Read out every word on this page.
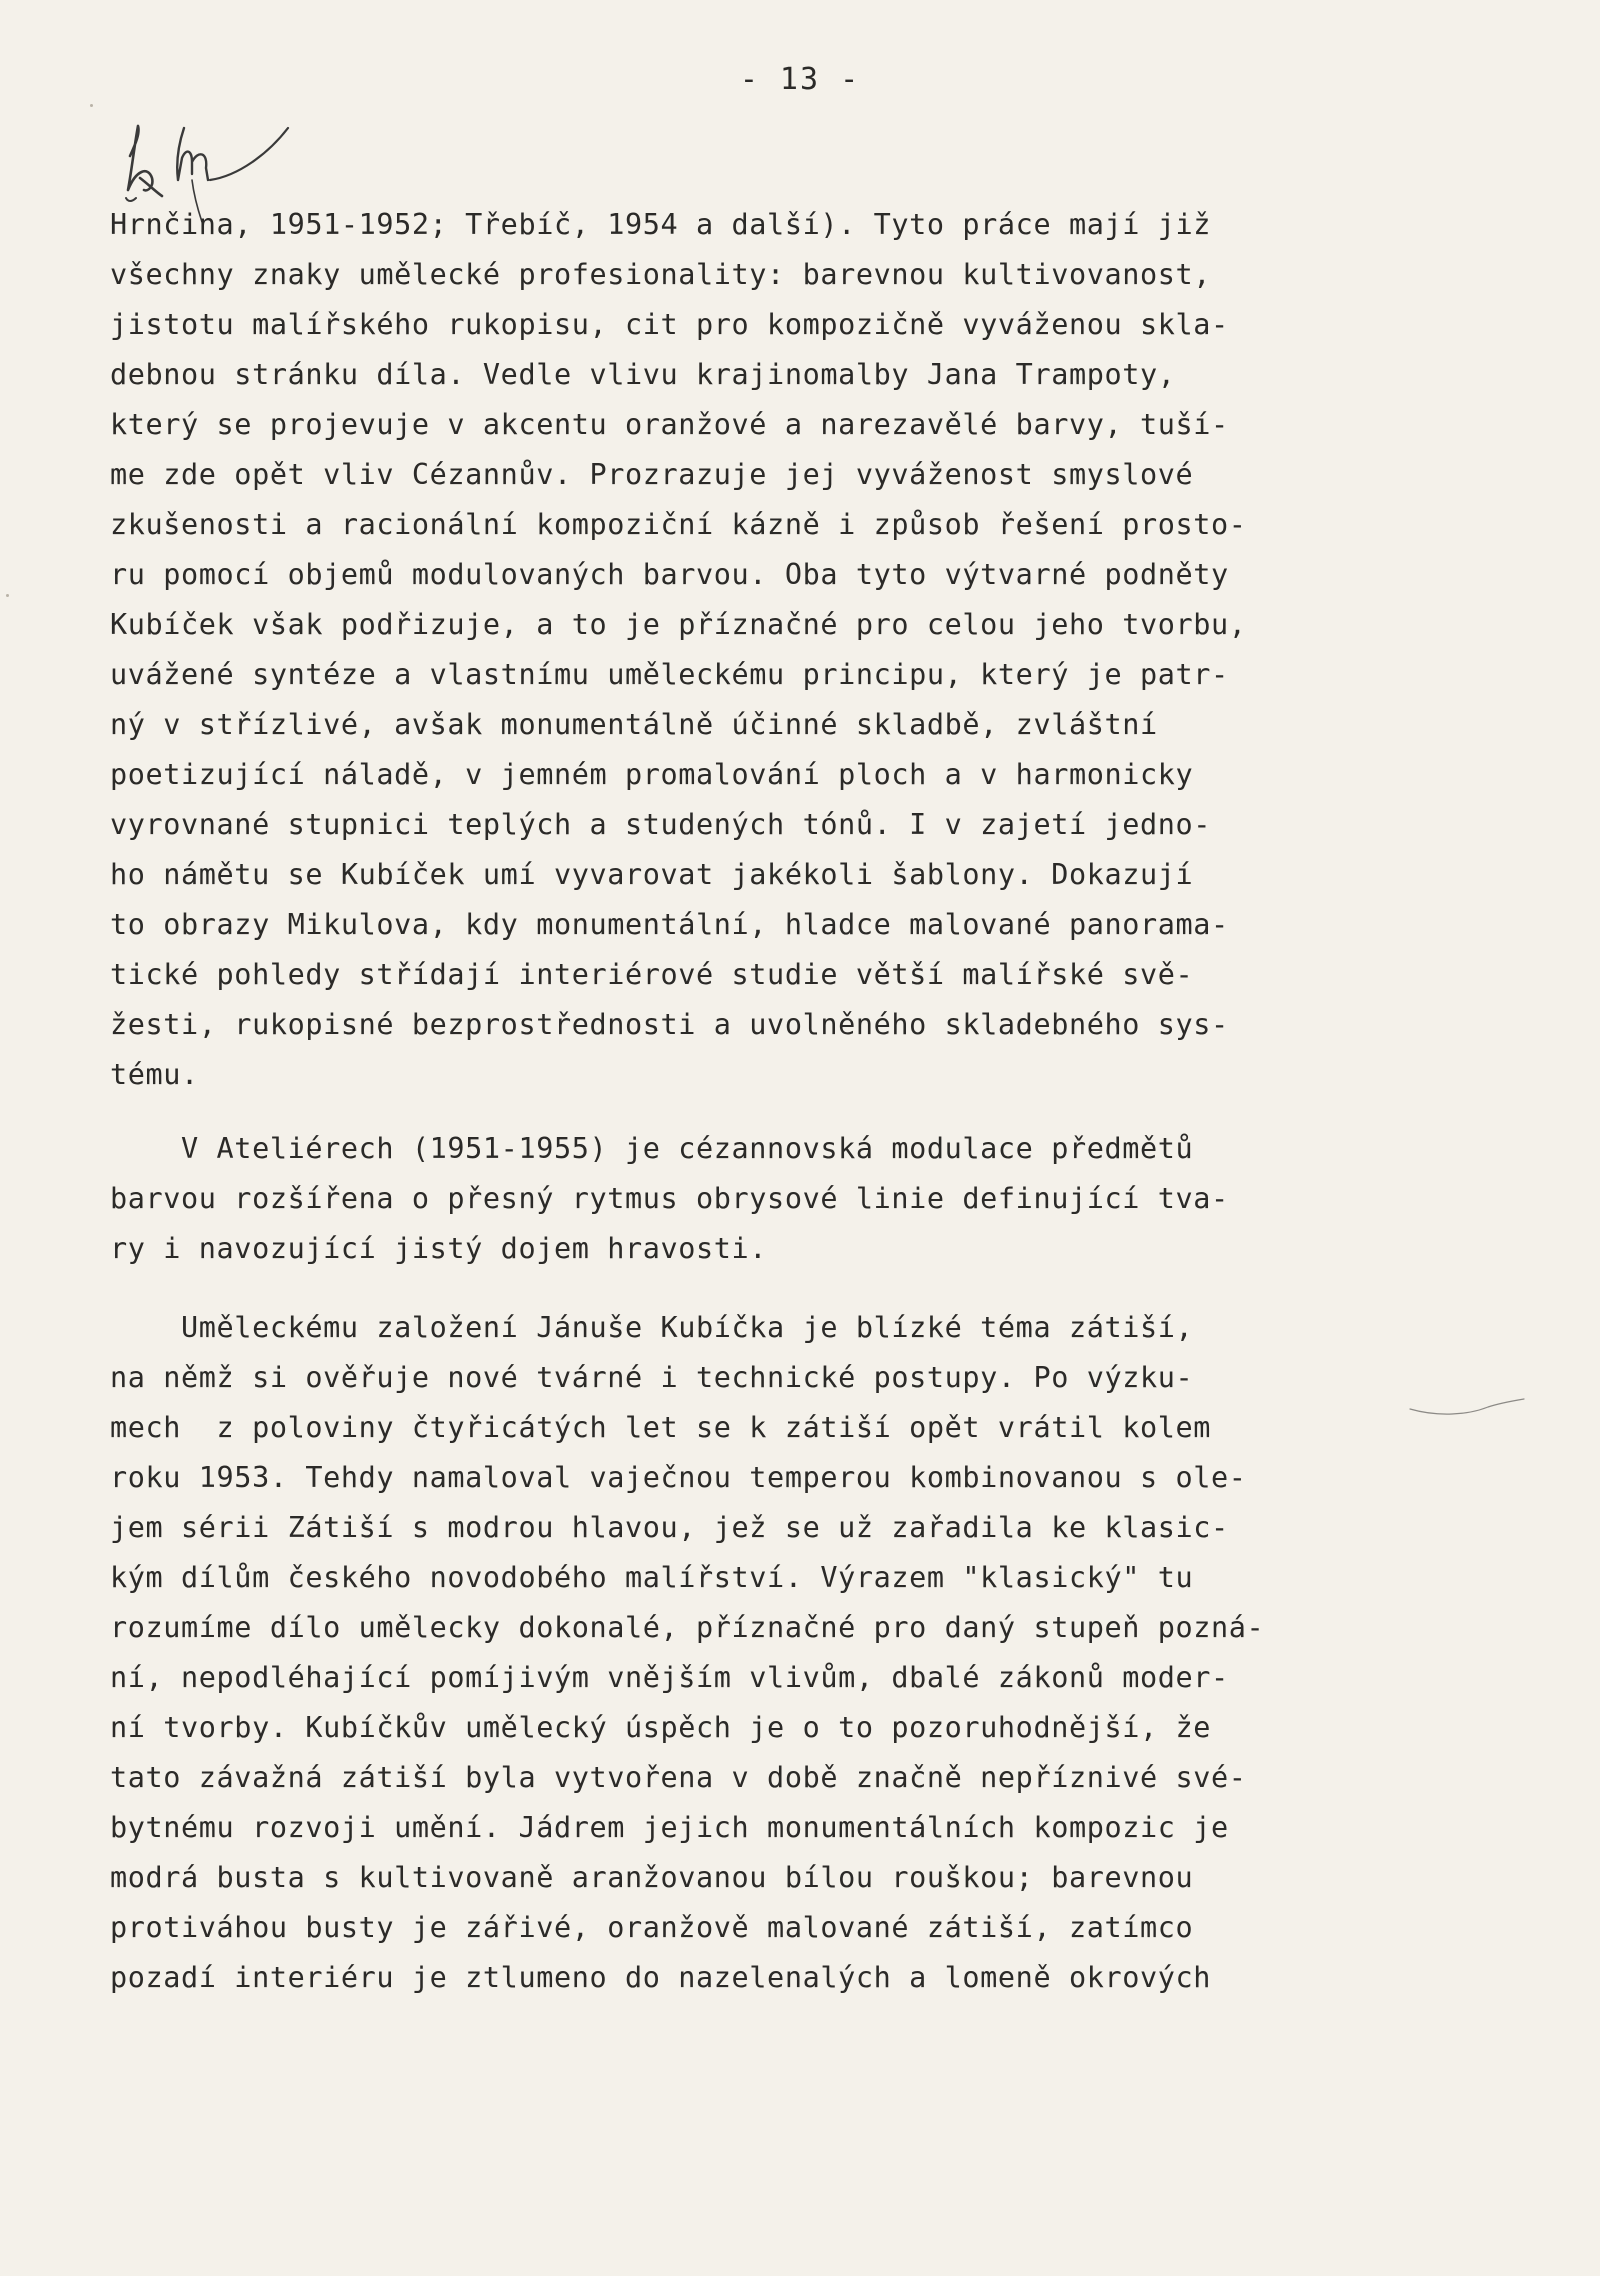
- 13 -
Hrnčina, 1951-1952; Třebíč, 1954 a další). Tyto práce mají již
všechny znaky umělecké profesionality: barevnou kultivovanost,
jistotu malířského rukopisu, cit pro kompozičně vyváženou skla-
debnou stránku díla. Vedle vlivu krajinomalby Jana Trampoty,
který se projevuje v akcentu oranžové a narezavělé barvy, tuší-
me zde opět vliv Cézannův. Prozrazuje jej vyváženost smyslové
zkušenosti a racionální kompoziční kázně i způsob řešení prosto-
ru pomocí objemů modulovaných barvou. Oba tyto výtvarné podněty
Kubíček však podřizuje, a to je příznačné pro celou jeho tvorbu,
uvážené syntéze a vlastnímu uměleckému principu, který je patr-
ný v střízlivé, avšak monumentálně účinné skladbě, zvláštní
poetizující náladě, v jemném promalování ploch a v harmonicky
vyrovnané stupnici teplých a studených tónů. I v zajetí jedno-
ho námětu se Kubíček umí vyvarovat jakékoli šablony. Dokazují
to obrazy Mikulova, kdy monumentální, hladce malované panorama-
tické pohledy střídají interiérové studie větší malířské svě-
žesti, rukopisné bezprostřednosti a uvolněného skladebného sys-
tému.
V Ateliérech (1951-1955) je cézannovská modulace předmětů
barvou rozšířena o přesný rytmus obrysové linie definující tva-
ry i navozující jistý dojem hravosti.
Uměleckému založení Jánuše Kubíčka je blízké téma zátiší,
na němž si ověřuje nové tvárné i technické postupy. Po výzku-
mech  z poloviny čtyřicátých let se k zátiší opět vrátil kolem
roku 1953. Tehdy namaloval vaječnou temperou kombinovanou s ole-
jem sérii Zátiší s modrou hlavou, jež se už zařadila ke klasic-
kým dílům českého novodobého malířství. Výrazem "klasický" tu
rozumíme dílo umělecky dokonalé, příznačné pro daný stupeň pozná-
ní, nepodléhající pomíjivým vnějším vlivům, dbalé zákonů moder-
ní tvorby. Kubíčkův umělecký úspěch je o to pozoruhodnější, že
tato závažná zátiší byla vytvořena v době značně nepříznivé své-
bytnému rozvoji umění. Jádrem jejich monumentálních kompozic je
modrá busta s kultivovaně aranžovanou bílou rouškou; barevnou
protiváhou busty je zářivé, oranžově malované zátiší, zatímco
pozadí interiéru je ztlumeno do nazelenalých a lomeně okrových
